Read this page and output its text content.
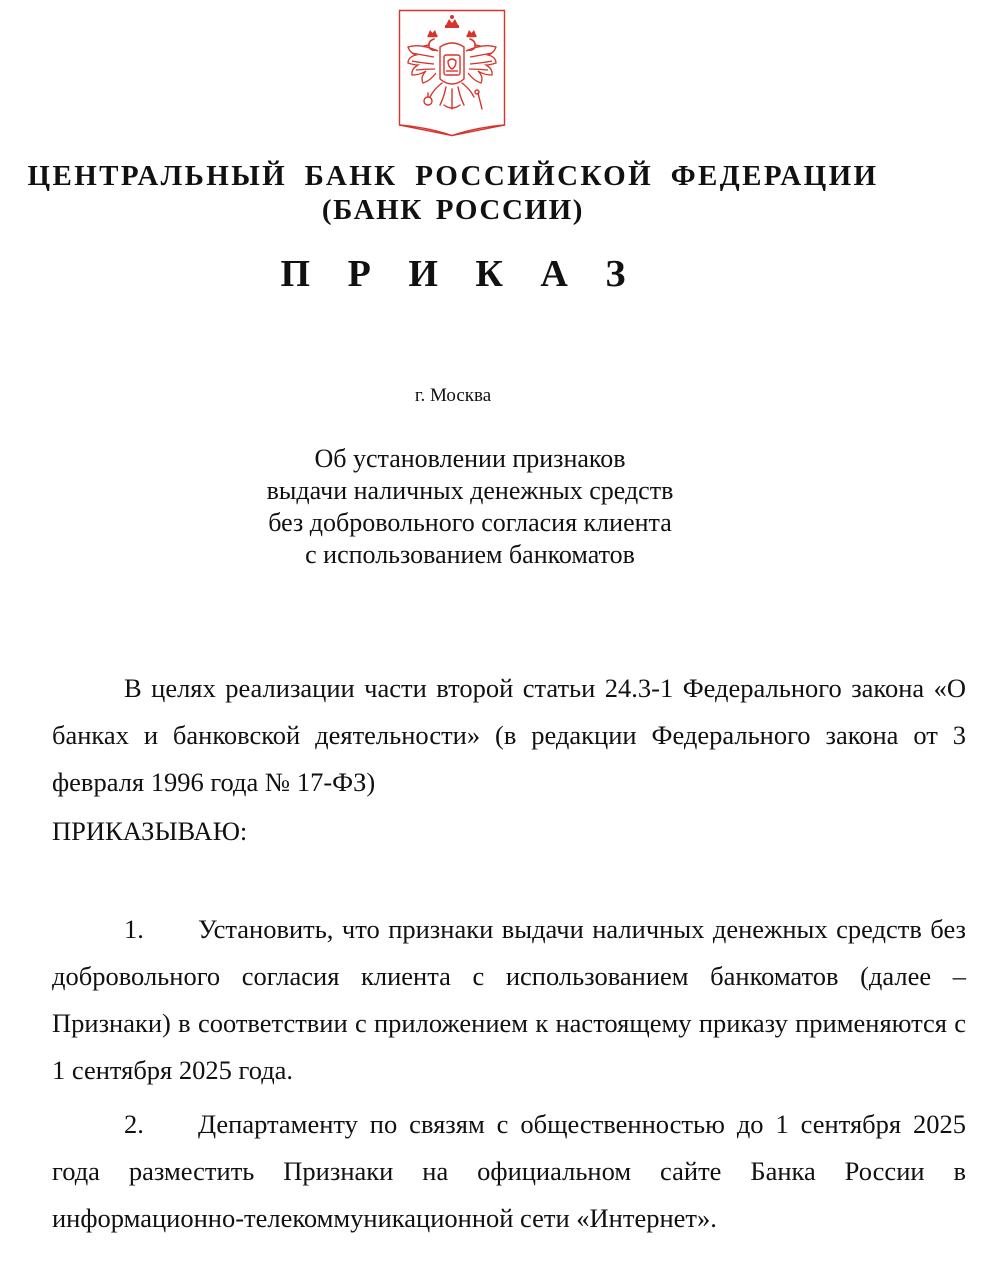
ЦЕНТРАЛЬНЫЙ БАНК РОССИЙСКОЙ ФЕДЕРАЦИИ
(БАНК РОССИИ)
П Р И К А З
г. Москва
Об установлении признаков
выдачи наличных денежных средств
без добровольного согласия клиента
с использованием банкоматов
В целях реализации части второй статьи 24.3-1 Федерального закона «О банках и банковской деятельности» (в редакции Федерального закона от 3 февраля 1996 года № 17-ФЗ)
ПРИКАЗЫВАЮ:
1. Установить, что признаки выдачи наличных денежных средств без добровольного согласия клиента с использованием банкоматов (далее – Признаки) в соответствии с приложением к настоящему приказу применяются с 1 сентября 2025 года.
2. Департаменту по связям с общественностью до 1 сентября 2025 года разместить Признаки на официальном сайте Банка России в информационно-телекоммуникационной сети «Интернет».
